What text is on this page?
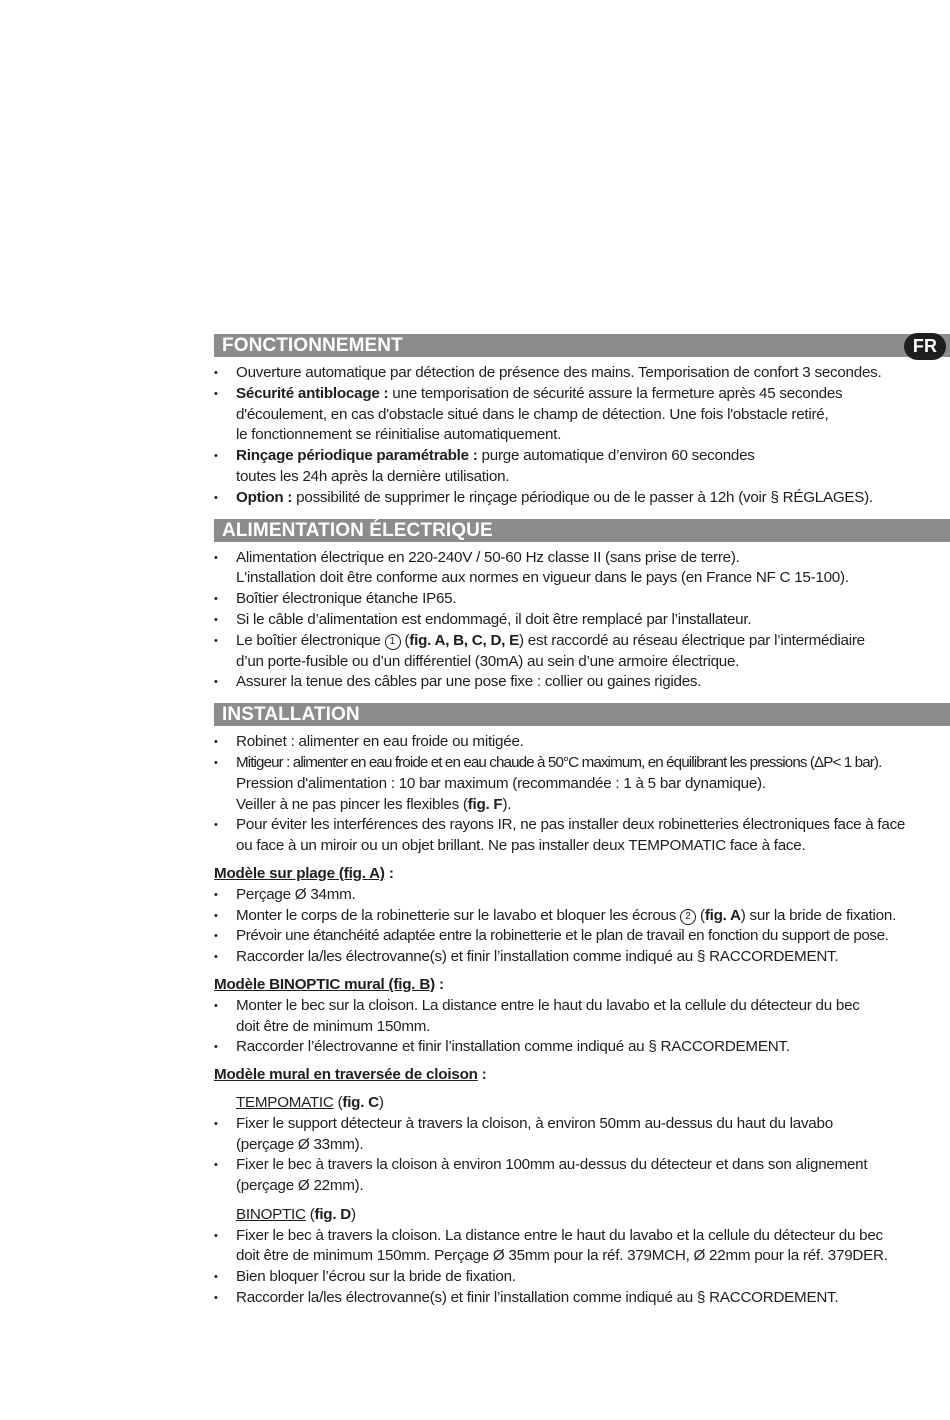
FONCTIONNEMENT	FR
• Ouverture automatique par détection de présence des mains. Temporisation de confort 3 secondes.
• Sécurité antiblocage : une temporisation de sécurité assure la fermeture après 45 secondes
d'écoulement, en cas d'obstacle situé dans le champ de détection. Une fois l'obstacle retiré,
le fonctionnement se réinitialise automatiquement.
• Rinçage périodique paramétrable : purge automatique d’environ 60 secondes
toutes les 24h après la dernière utilisation.
• Option : possibilité de supprimer le rinçage périodique ou de le passer à 12h (voir § RÉGLAGES).
ALIMENTATION ÉLECTRIQUE
• Alimentation électrique en 220-240V / 50-60 Hz classe II (sans prise de terre).
L'installation doit être conforme aux normes en vigueur dans le pays (en France NF C 15-100).
• Boîtier électronique étanche IP65.
• Si le câble d’alimentation est endommagé, il doit être remplacé par l’installateur.
• Le boîtier électronique 1 (fig. A, B, C, D, E) est raccordé au réseau électrique par l’intermédiaire
d’un porte-fusible ou d’un différentiel (30mA) au sein d’une armoire électrique.
• Assurer la tenue des câbles par une pose fixe : collier ou gaines rigides.
INSTALLATION
• Robinet : alimenter en eau froide ou mitigée.
• Mitigeur : alimenter en eau froide et en eau chaude à 50°C maximum, en équilibrant les pressions (ΔP< 1 bar).
Pression d'alimentation : 10 bar maximum (recommandée : 1 à 5 bar dynamique).
Veiller à ne pas pincer les flexibles (fig. F).
• Pour éviter les interférences des rayons IR, ne pas installer deux robinetteries électroniques face à face
ou face à un miroir ou un objet brillant. Ne pas installer deux TEMPOMATIC face à face.
Modèle sur plage (fig. A) :
• Perçage Ø 34mm.
• Monter le corps de la robinetterie sur le lavabo et bloquer les écrous 2 (fig. A) sur la bride de fixation.
• Prévoir une étanchéité adaptée entre la robinetterie et le plan de travail en fonction du support de pose.
• Raccorder la/les électrovanne(s) et finir l’installation comme indiqué au § RACCORDEMENT.
Modèle BINOPTIC mural (fig. B) :
• Monter le bec sur la cloison. La distance entre le haut du lavabo et la cellule du détecteur du bec
doit être de minimum 150mm.
• Raccorder l’électrovanne et finir l’installation comme indiqué au § RACCORDEMENT.
Modèle mural en traversée de cloison :
TEMPOMATIC (fig. C)
• Fixer le support détecteur à travers la cloison, à environ 50mm au-dessus du haut du lavabo
(perçage Ø 33mm).
• Fixer le bec à travers la cloison à environ 100mm au-dessus du détecteur et dans son alignement
(perçage Ø 22mm).
BINOPTIC (fig. D)
• Fixer le bec à travers la cloison. La distance entre le haut du lavabo et la cellule du détecteur du bec
doit être de minimum 150mm. Perçage Ø 35mm pour la réf. 379MCH, Ø 22mm pour la réf. 379DER.
• Bien bloquer l’écrou sur la bride de fixation.
• Raccorder la/les électrovanne(s) et finir l’installation comme indiqué au § RACCORDEMENT.
